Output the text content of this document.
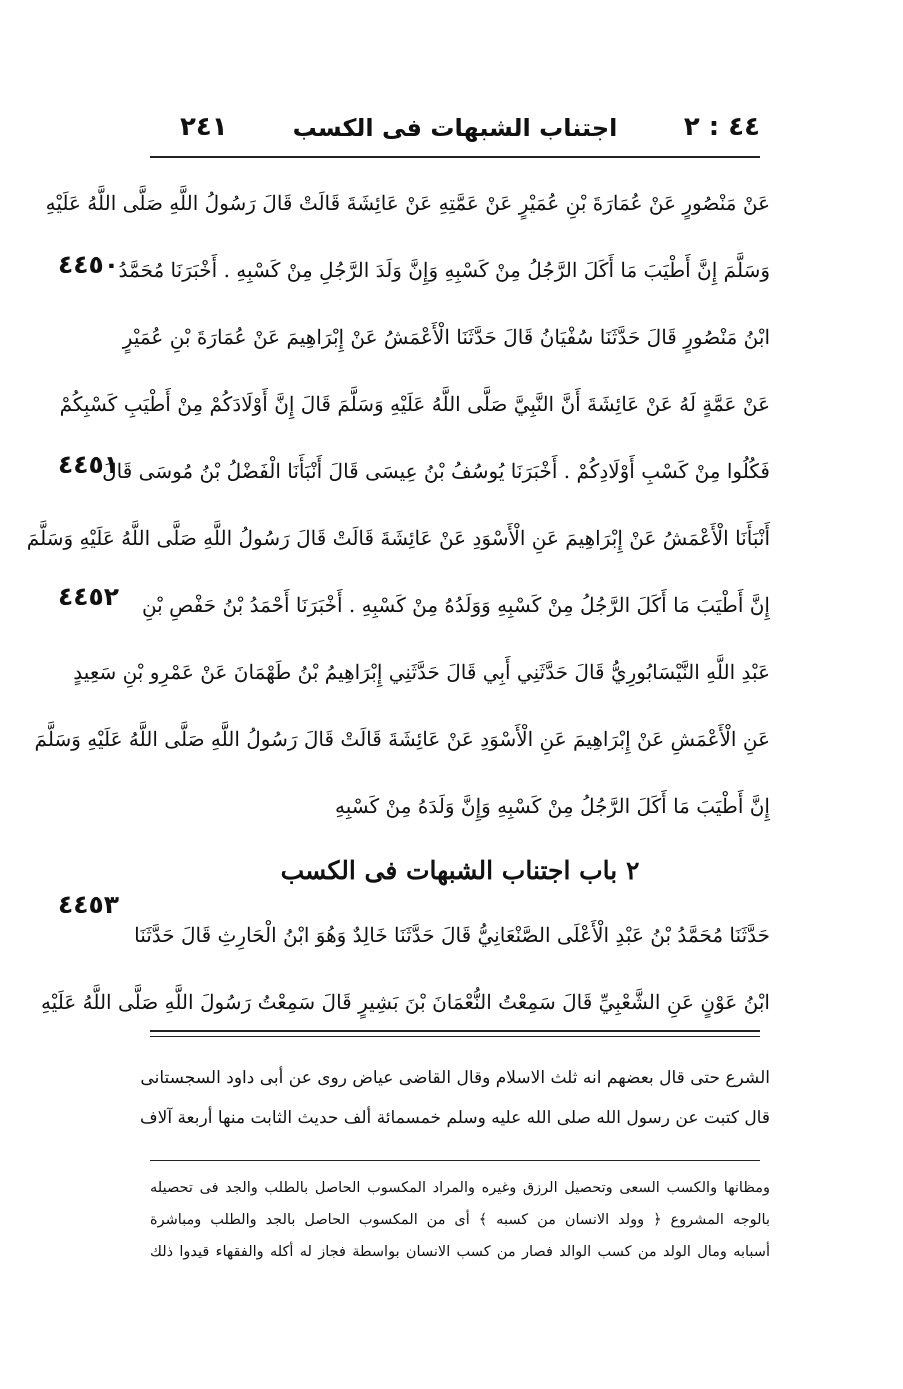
٤٤ : ٢
اجتناب الشبهات فى الكسب
٢٤١
٤٤٥٠
٤٤٥١
٤٤٥٢
٤٤٥٣
عَنْ مَنْصُورٍ عَنْ عُمَارَةَ بْنِ عُمَيْرٍ عَنْ عَمَّتِهِ عَنْ عَائِشَةَ قَالَتْ قَالَ رَسُولُ اللَّهِ صَلَّى اللَّهُ عَلَيْهِ
وَسَلَّمَ إِنَّ أَطْيَبَ مَا أَكَلَ الرَّجُلُ مِنْ كَسْبِهِ وَإِنَّ وَلَدَ الرَّجُلِ مِنْ كَسْبِهِ . أَخْبَرَنَا مُحَمَّدُ
ابْنُ مَنْصُورٍ قَالَ حَدَّثَنَا سُفْيَانُ قَالَ حَدَّثَنَا الْأَعْمَشُ عَنْ إِبْرَاهِيمَ عَنْ عُمَارَةَ بْنِ عُمَيْرٍ
عَنْ عَمَّةٍ لَهُ عَنْ عَائِشَةَ أَنَّ النَّبِيَّ صَلَّى اللَّهُ عَلَيْهِ وَسَلَّمَ قَالَ إِنَّ أَوْلَادَكُمْ مِنْ أَطْيَبِ كَسْبِكُمْ
فَكُلُوا مِنْ كَسْبِ أَوْلَادِكُمْ . أَخْبَرَنَا يُوسُفُ بْنُ عِيسَى قَالَ أَنْبَأَنَا الْفَضْلُ بْنُ مُوسَى قَالَ
أَنْبَأَنَا الْأَعْمَشُ عَنْ إِبْرَاهِيمَ عَنِ الْأَسْوَدِ عَنْ عَائِشَةَ قَالَتْ قَالَ رَسُولُ اللَّهِ صَلَّى اللَّهُ عَلَيْهِ وَسَلَّمَ
إِنَّ أَطْيَبَ مَا أَكَلَ الرَّجُلُ مِنْ كَسْبِهِ وَوَلَدُهُ مِنْ كَسْبِهِ . أَخْبَرَنَا أَحْمَدُ بْنُ حَفْصِ بْنِ
عَبْدِ اللَّهِ النَّيْسَابُورِيُّ قَالَ حَدَّثَنِي أَبِي قَالَ حَدَّثَنِي إِبْرَاهِيمُ بْنُ طَهْمَانَ عَنْ عَمْرِو بْنِ سَعِيدٍ
عَنِ الْأَعْمَشِ عَنْ إِبْرَاهِيمَ عَنِ الْأَسْوَدِ عَنْ عَائِشَةَ قَالَتْ قَالَ رَسُولُ اللَّهِ صَلَّى اللَّهُ عَلَيْهِ وَسَلَّمَ
إِنَّ أَطْيَبَ مَا أَكَلَ الرَّجُلُ مِنْ كَسْبِهِ وَإِنَّ وَلَدَهُ مِنْ كَسْبِهِ
٢ باب اجتناب الشبهات فى الكسب
حَدَّثَنَا مُحَمَّدُ بْنُ عَبْدِ الْأَعْلَى الصَّنْعَانِيُّ قَالَ حَدَّثَنَا خَالِدٌ وَهُوَ ابْنُ الْحَارِثِ قَالَ حَدَّثَنَا
ابْنُ عَوْنٍ عَنِ الشَّعْبِيِّ قَالَ سَمِعْتُ النُّعْمَانَ بْنَ بَشِيرٍ قَالَ سَمِعْتُ رَسُولَ اللَّهِ صَلَّى اللَّهُ عَلَيْهِ
الشرع حتى قال بعضهم انه ثلث الاسلام وقال القاضى عياض روى عن أبى داود السجستانى
قال كتبت عن رسول الله صلى الله عليه وسلم خمسمائة ألف حديث الثابت منها أربعة آلاف
ومظانها والكسب السعى وتحصيل الرزق وغيره والمراد المكسوب الحاصل بالطلب والجد فى تحصيله
بالوجه المشروع ﴿ وولد الانسان من كسبه ﴾ أى من المكسوب الحاصل بالجد والطلب ومباشرة
أسبابه ومال الولد من كسب الوالد فصار من كسب الانسان بواسطة فجاز له أكله والفقهاء قيدوا ذلك
